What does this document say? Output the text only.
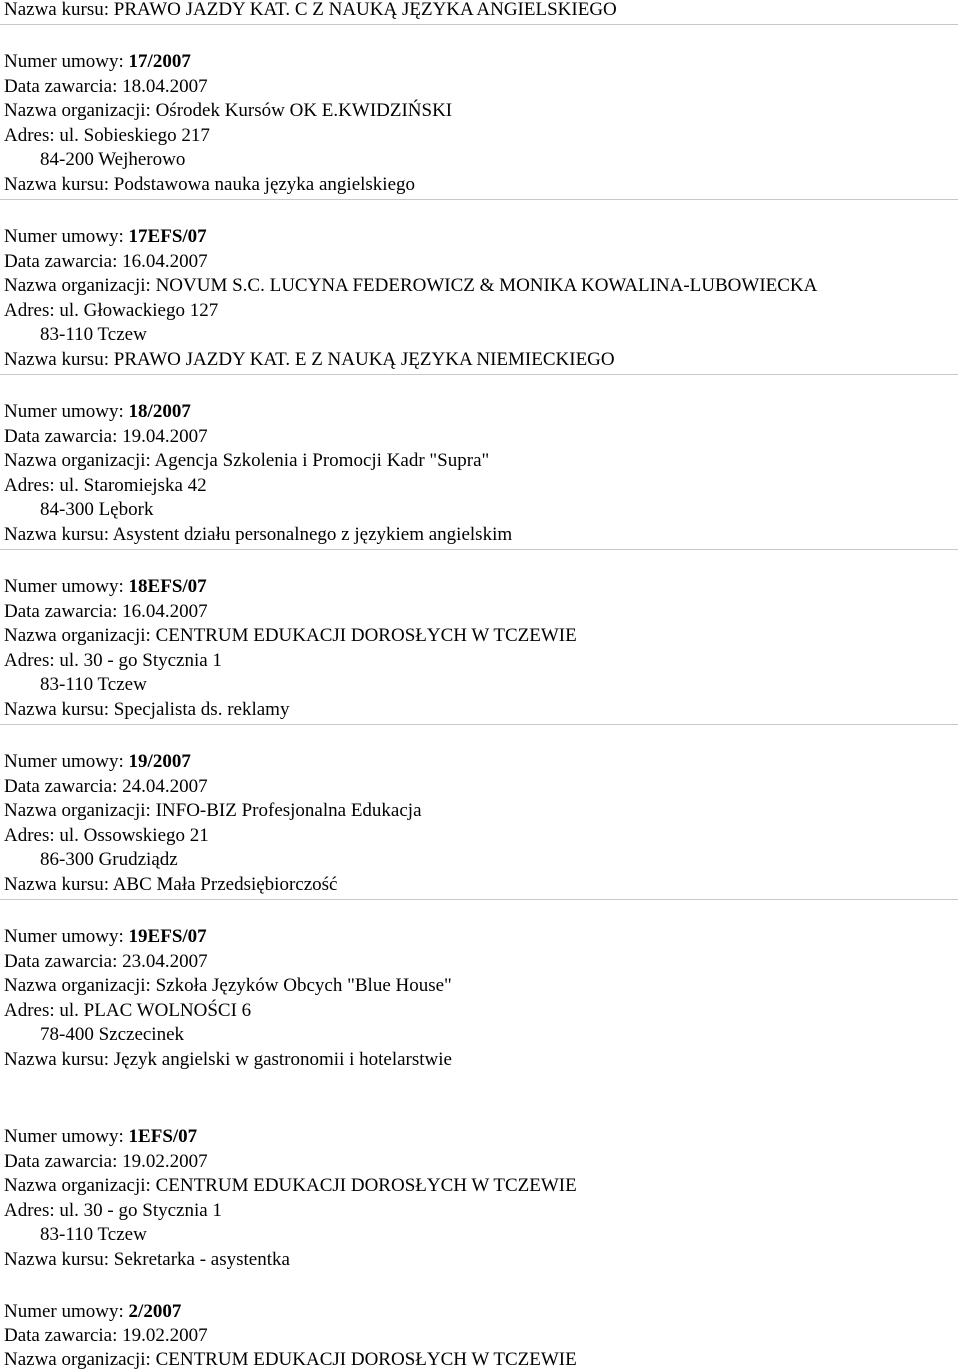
Nazwa kursu: PRAWO JAZDY KAT. C Z NAUKĄ JĘZYKA ANGIELSKIEGO
Numer umowy: 17/2007
Data zawarcia: 18.04.2007
Nazwa organizacji: Ośrodek Kursów OK E.KWIDZIŃSKI
Adres: ul. Sobieskiego 217
84-200 Wejherowo
Nazwa kursu: Podstawowa nauka języka angielskiego
Numer umowy: 17EFS/07
Data zawarcia: 16.04.2007
Nazwa organizacji: NOVUM S.C. LUCYNA FEDEROWICZ & MONIKA KOWALINA-LUBOWIECKA
Adres: ul. Głowackiego 127
83-110 Tczew
Nazwa kursu: PRAWO JAZDY KAT. E Z NAUKĄ JĘZYKA NIEMIECKIEGO
Numer umowy: 18/2007
Data zawarcia: 19.04.2007
Nazwa organizacji: Agencja Szkolenia i Promocji Kadr "Supra"
Adres: ul. Staromiejska 42
84-300 Lębork
Nazwa kursu: Asystent działu personalnego z językiem angielskim
Numer umowy: 18EFS/07
Data zawarcia: 16.04.2007
Nazwa organizacji: CENTRUM EDUKACJI DOROSŁYCH W TCZEWIE
Adres: ul. 30 - go Stycznia 1
83-110 Tczew
Nazwa kursu: Specjalista ds. reklamy
Numer umowy: 19/2007
Data zawarcia: 24.04.2007
Nazwa organizacji: INFO-BIZ Profesjonalna Edukacja
Adres: ul. Ossowskiego 21
86-300 Grudziądz
Nazwa kursu: ABC Mała Przedsiębiorczość
Numer umowy: 19EFS/07
Data zawarcia: 23.04.2007
Nazwa organizacji: Szkoła Języków Obcych "Blue House"
Adres: ul. PLAC WOLNOŚCI 6
78-400 Szczecinek
Nazwa kursu: Język angielski w gastronomii i hotelarstwie
Numer umowy: 1EFS/07
Data zawarcia: 19.02.2007
Nazwa organizacji: CENTRUM EDUKACJI DOROSŁYCH W TCZEWIE
Adres: ul. 30 - go Stycznia 1
83-110 Tczew
Nazwa kursu: Sekretarka - asystentka
Numer umowy: 2/2007
Data zawarcia: 19.02.2007
Nazwa organizacji: CENTRUM EDUKACJI DOROSŁYCH W TCZEWIE
